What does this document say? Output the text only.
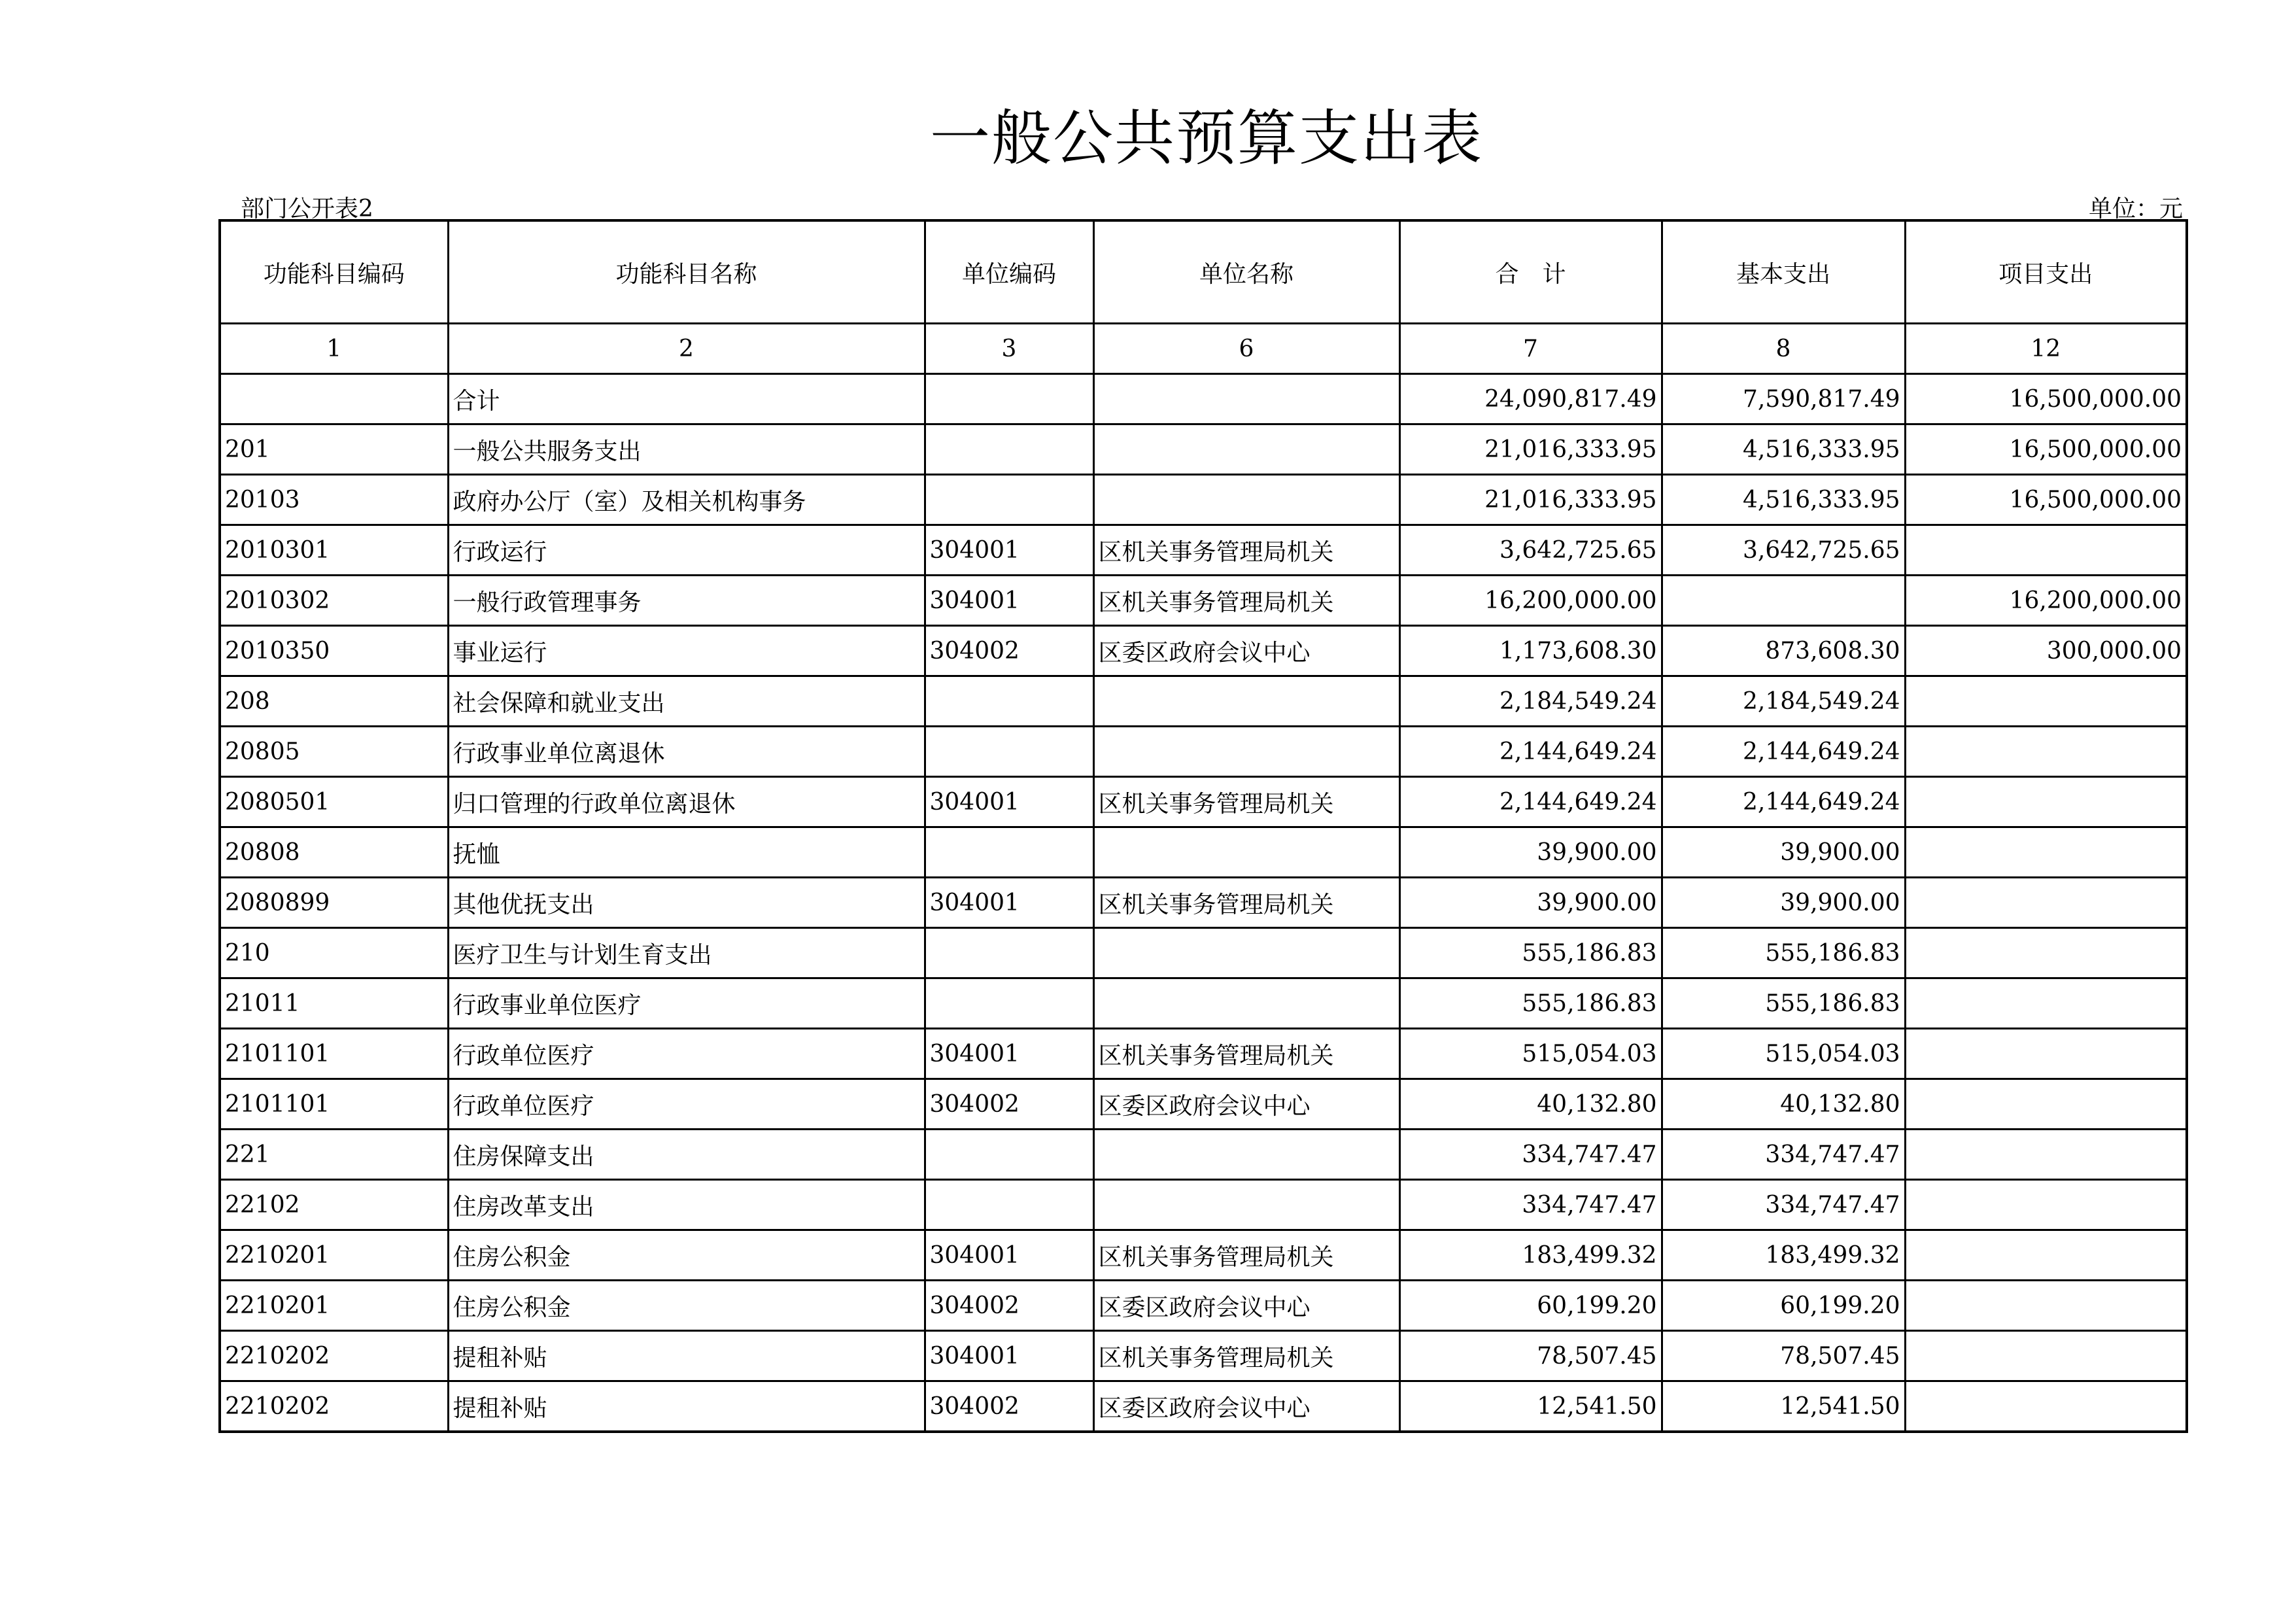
一般公共预算支出表
部门公开表2	单位：元
功能科目编码	功能科目名称	单位编码	单位名称	合　计	基本支出	项目支出
1	2	3	6	7	8	12
	合计			24,090,817.49	7,590,817.49	16,500,000.00
201	一般公共服务支出			21,016,333.95	4,516,333.95	16,500,000.00
20103	政府办公厅（室）及相关机构事务			21,016,333.95	4,516,333.95	16,500,000.00
2010301	行政运行	304001	区机关事务管理局机关	3,642,725.65	3,642,725.65	
2010302	一般行政管理事务	304001	区机关事务管理局机关	16,200,000.00		16,200,000.00
2010350	事业运行	304002	区委区政府会议中心	1,173,608.30	873,608.30	300,000.00
208	社会保障和就业支出			2,184,549.24	2,184,549.24	
20805	行政事业单位离退休			2,144,649.24	2,144,649.24	
2080501	归口管理的行政单位离退休	304001	区机关事务管理局机关	2,144,649.24	2,144,649.24	
20808	抚恤			39,900.00	39,900.00	
2080899	其他优抚支出	304001	区机关事务管理局机关	39,900.00	39,900.00	
210	医疗卫生与计划生育支出			555,186.83	555,186.83	
21011	行政事业单位医疗			555,186.83	555,186.83	
2101101	行政单位医疗	304001	区机关事务管理局机关	515,054.03	515,054.03	
2101101	行政单位医疗	304002	区委区政府会议中心	40,132.80	40,132.80	
221	住房保障支出			334,747.47	334,747.47	
22102	住房改革支出			334,747.47	334,747.47	
2210201	住房公积金	304001	区机关事务管理局机关	183,499.32	183,499.32	
2210201	住房公积金	304002	区委区政府会议中心	60,199.20	60,199.20	
2210202	提租补贴	304001	区机关事务管理局机关	78,507.45	78,507.45	
2210202	提租补贴	304002	区委区政府会议中心	12,541.50	12,541.50	
